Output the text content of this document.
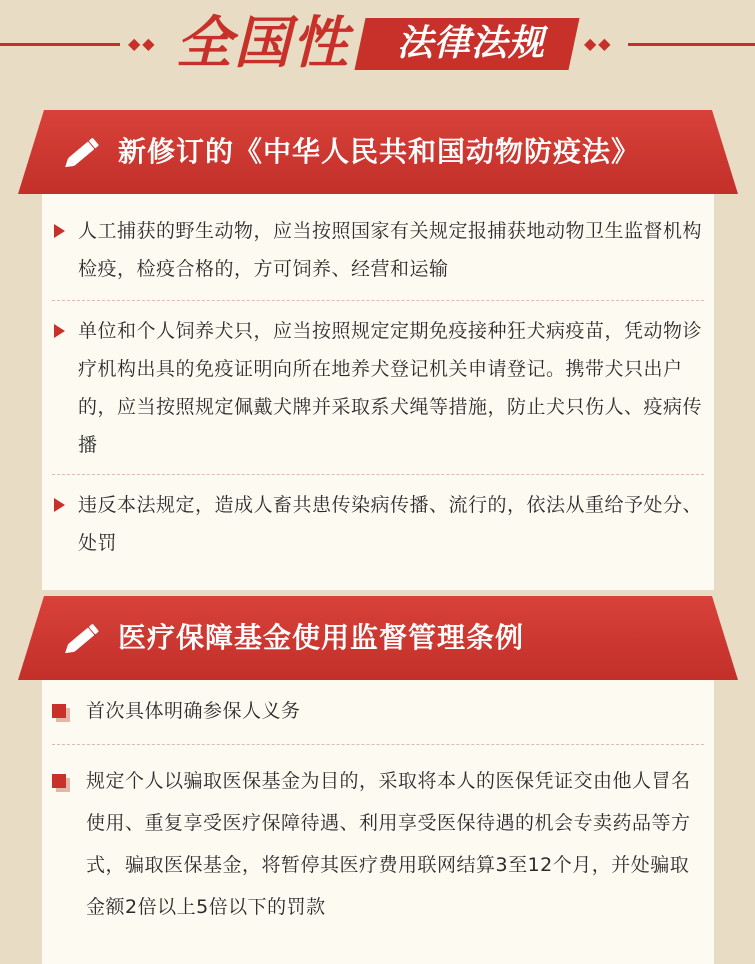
◆◆ 全国性	法律法规	◆◆
人工捕获的野生动物，应当按照国家有关规定报捕获地动物卫生监督机构检疫，检疫合格的，方可饲养、经营和运输
单位和个人饲养犬只，应当按照规定定期免疫接种狂犬病疫苗，凭动物诊疗机构出具的免疫证明向所在地养犬登记机关申请登记。携带犬只出户的，应当按照规定佩戴犬牌并采取系犬绳等措施，防止犬只伤人、疫病传播
违反本法规定，造成人畜共患传染病传播、流行的，依法从重给予处分、处罚
新修订的《中华人民共和国动物防疫法》
首次具体明确参保人义务
规定个人以骗取医保基金为目的，采取将本人的医保凭证交由他人冒名使用、重复享受医疗保障待遇、利用享受医保待遇的机会专卖药品等方式，骗取医保基金，将暂停其医疗费用联网结算3至12个月，并处骗取金额2倍以上5倍以下的罚款
医疗保障基金使用监督管理条例
